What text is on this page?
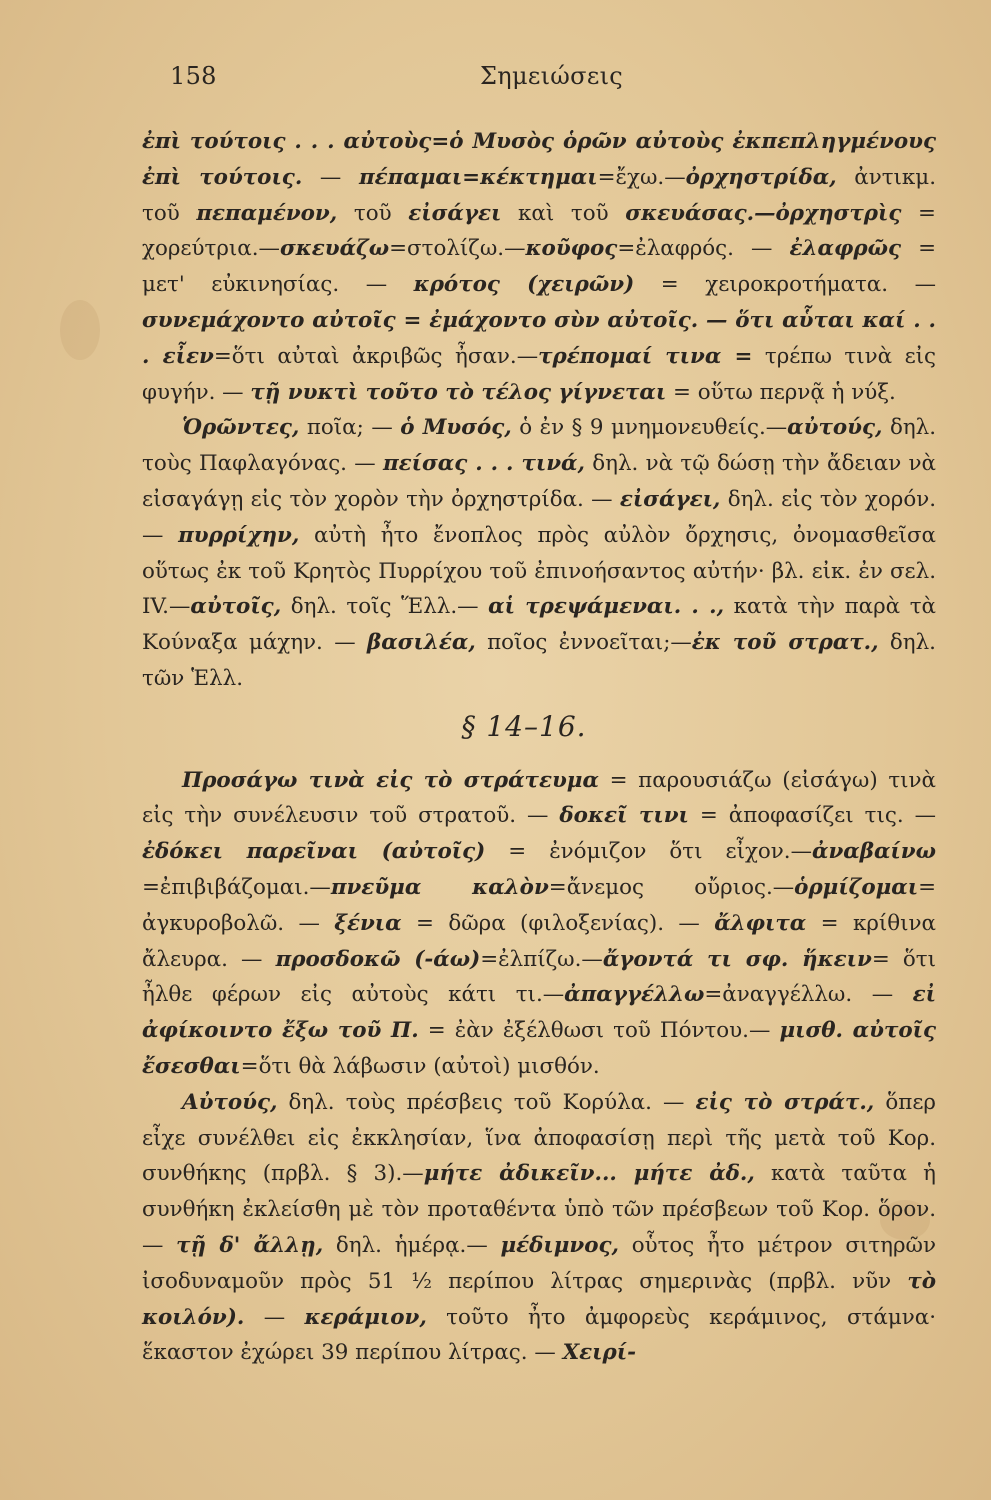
158	Σημειώσεις

ἐπὶ τούτοις . . . αὐτοὺς=ὁ Μυσὸς ὁρῶν αὐτοὺς ἐκπεπληγμένους ἐπὶ τούτοις. — πέπαμαι=κέκτημαι=ἔχω.—ὀρχηστρίδα, ἀντικμ. τοῦ πεπαμένον, τοῦ εἰσάγει καὶ τοῦ σκευάσας.—ὀρχηστρὶς = χορεύτρια.—σκευάζω=στολίζω.—κοῦφος=ἐλαφρός. — ἐλαφρῶς = μετ' εὐκινησίας. — κρότος (χειρῶν) = χειροκροτήματα. — συνεμάχοντο αὐτοῖς = ἐμάχοντο σὺν αὐτοῖς. — ὅτι αὗται καί . . . εἶεν=ὅτι αὐταὶ ἀκριβῶς ἦσαν.—τρέπομαί τινα = τρέπω τινὰ εἰς φυγήν. — τῇ νυκτὶ τοῦτο τὸ τέλος γίγνεται = οὕτω περνᾷ ἡ νύξ.

Ὁρῶντες, ποῖα; — ὁ Μυσός, ὁ ἐν § 9 μνημονευθείς.—αὐτούς, δηλ. τοὺς Παφλαγόνας. — πείσας . . . τινά, δηλ. νὰ τῷ δώσῃ τὴν ἄδειαν νὰ εἰσαγάγῃ εἰς τὸν χορὸν τὴν ὀρχηστρίδα. — εἰσάγει, δηλ. εἰς τὸν χορόν. — πυρρίχην, αὐτὴ ἦτο ἔνοπλος πρὸς αὐλὸν ὄρχησις, ὀνομασθεῖσα οὕτως ἐκ τοῦ Κρητὸς Πυρρίχου τοῦ ἐπινοήσαντος αὐτήν· βλ. εἰκ. ἐν σελ. IV.—αὐτοῖς, δηλ. τοῖς Ἕλλ.— αἱ τρεψάμεναι. . ., κατὰ τὴν παρὰ τὰ Κούναξα μάχην. — βασιλέα, ποῖος ἐννοεῖται;—ἐκ τοῦ στρατ., δηλ. τῶν Ἑλλ.

§ 14–16.

Προσάγω τινὰ εἰς τὸ στράτευμα = παρουσιάζω (εἰσάγω) τινὰ εἰς τὴν συνέλευσιν τοῦ στρατοῦ. — δοκεῖ τινι = ἀποφασίζει τις. —ἐδόκει παρεῖναι (αὐτοῖς) = ἐνόμιζον ὅτι εἶχον.—ἀναβαίνω =ἐπιβιβάζομαι.—πνεῦμα καλὸν=ἄνεμος οὔριος.—ὁρμίζομαι= ἀγκυροβολῶ. — ξένια = δῶρα (φιλοξενίας). — ἄλφιτα = κρίθινα ἄλευρα. — προσδοκῶ (-άω)=ἐλπίζω.—ἄγοντά τι σφ. ἥκειν= ὅτι ἦλθε φέρων εἰς αὐτοὺς κάτι τι.—ἀπαγγέλλω=ἀναγγέλλω. — εἰ ἀφίκοιντο ἔξω τοῦ Π. = ἐὰν ἐξέλθωσι τοῦ Πόντου.— μισθ. αὐτοῖς ἔσεσθαι=ὅτι θὰ λάβωσιν (αὐτοὶ) μισθόν.

Αὐτούς, δηλ. τοὺς πρέσβεις τοῦ Κορύλα. — εἰς τὸ στράτ., ὅπερ εἶχε συνέλθει εἰς ἐκκλησίαν, ἵνα ἀποφασίσῃ περὶ τῆς μετὰ τοῦ Κορ. συνθήκης (πρβλ. § 3).—μήτε ἀδικεῖν... μήτε ἀδ., κατὰ ταῦτα ἡ συνθήκη ἐκλείσθη μὲ τὸν προταθέντα ὑπὸ τῶν πρέσβεων τοῦ Κορ. ὅρον. — τῇ δ' ἄλλῃ, δηλ. ἡμέρᾳ.— μέδιμνος, οὗτος ἦτο μέτρον σιτηρῶν ἰσοδυναμοῦν πρὸς 51 ½ περίπου λίτρας σημερινὰς (πρβλ. νῦν τὸ κοιλόν). — κεράμιον, τοῦτο ἦτο ἀμφορεὺς κεράμινος, στάμνα· ἕκαστον ἐχώρει 39 περίπου λίτρας. — Χειρί-
